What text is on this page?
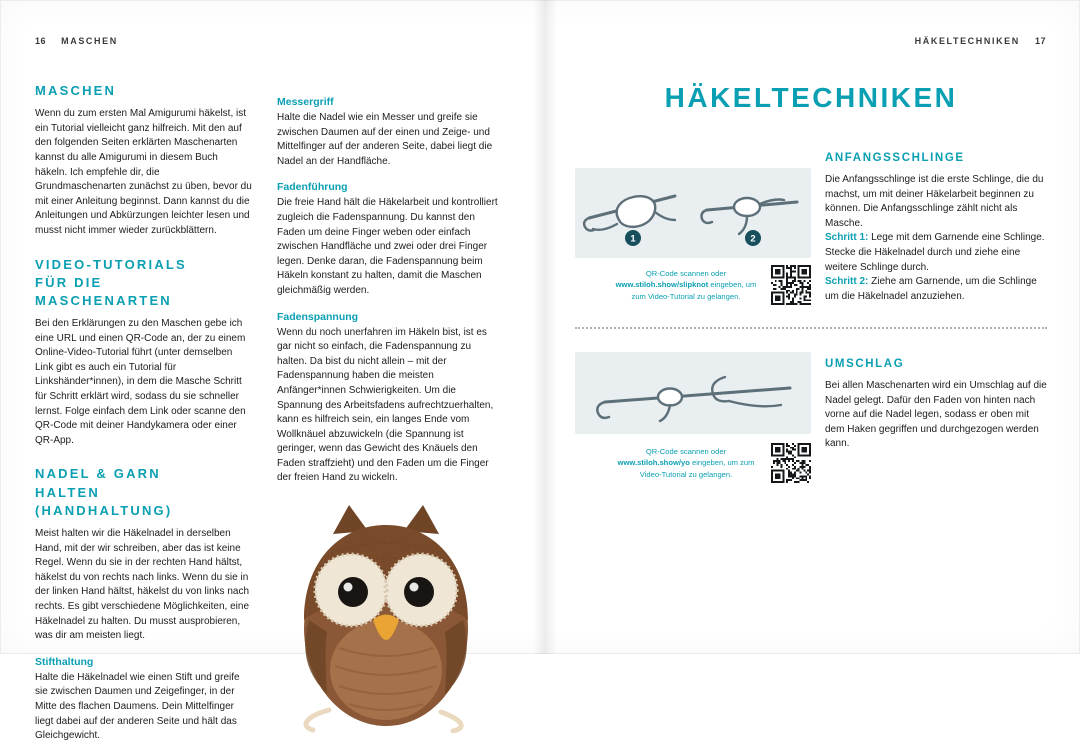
16 MASCHEN	HÄKELTECHNIKEN 17
MASCHEN

Wenn du zum ersten Mal Amigurumi häkelst, ist ein Tutorial vielleicht ganz hilfreich. Mit den auf den folgenden Seiten erklärten Maschenarten kannst du alle Amigurumi in diesem Buch häkeln. Ich empfehle dir, die Grundmaschenarten zunächst zu üben, bevor du mit einer Anleitung beginnst. Dann kannst du die Anleitungen und Abkürzungen leichter lesen und musst nicht immer wieder zurückblättern.

VIDEO-TUTORIALS FÜR DIE MASCHENARTEN

Bei den Erklärungen zu den Maschen gebe ich eine URL und einen QR-Code an, der zu einem Online-Video-Tutorial führt (unter demselben Link gibt es auch ein Tutorial für Linkshänder*innen), in dem die Masche Schritt für Schritt erklärt wird, sodass du sie schneller lernst. Folge einfach dem Link oder scanne den QR-Code mit deiner Handykamera oder einer QR-App.

NADEL & GARN HALTEN (HANDHALTUNG)

Meist halten wir die Häkelnadel in derselben Hand, mit der wir schreiben, aber das ist keine Regel. Wenn du sie in der rechten Hand hältst, häkelst du von rechts nach links. Wenn du sie in der linken Hand hältst, häkelst du von links nach rechts. Es gibt verschiedene Möglichkeiten, eine Häkelnadel zu halten. Du musst ausprobieren, was dir am meisten liegt.

Stifthaltung

Halte die Häkelnadel wie einen Stift und greife sie zwischen Daumen und Zeigefinger, in der Mitte des flachen Daumens. Dein Mittelfinger liegt dabei auf der anderen Seite und hält das Gleichgewicht.

Messergriff

Halte die Nadel wie ein Messer und greife sie zwischen Daumen auf der einen und Zeige- und Mittelfinger auf der anderen Seite, dabei liegt die Nadel an der Handfläche.

Fadenführung

Die freie Hand hält die Häkelarbeit und kontrolliert zugleich die Fadenspannung. Du kannst den Faden um deine Finger weben oder einfach zwischen Handfläche und zwei oder drei Finger legen. Denke daran, die Fadenspannung beim Häkeln konstant zu halten, damit die Maschen gleichmäßig werden.

Fadenspannung

Wenn du noch unerfahren im Häkeln bist, ist es gar nicht so einfach, die Fadenspannung zu halten. Da bist du nicht allein – mit der Fadenspannung haben die meisten Anfänger*innen Schwierigkeiten. Um die Spannung des Arbeitsfadens aufrechtzuerhalten, kann es hilfreich sein, ein langes Ende vom Wollknäuel abzuwickeln (die Spannung ist geringer, wenn das Gewicht des Knäuels den Faden straffzieht) und den Faden um die Finger der freien Hand zu wickeln.

HÄKELTECHNIKEN
1	2

QR-Code scannen oder www.stiloh.show/slipknot eingeben, um zum Video-Tutorial zu gelangen.

QR-Code scannen oder www.stiloh.show/yo eingeben, um zum Video-Tutorial zu gelangen.

ANFANGSSCHLINGE

Die Anfangsschlinge ist die erste Schlinge, die du machst, um mit deiner Häkelarbeit beginnen zu können. Die Anfangsschlinge zählt nicht als Masche.

Schritt 1: Lege mit dem Garnende eine Schlinge. Stecke die Häkelnadel durch und ziehe eine weitere Schlinge durch.

Schritt 2: Ziehe am Garnende, um die Schlinge um die Häkelnadel anzuziehen.

UMSCHLAG

Bei allen Maschenarten wird ein Umschlag auf die Nadel gelegt. Dafür den Faden von hinten nach vorne auf die Nadel legen, sodass er oben mit dem Haken gegriffen und durchgezogen werden kann.
